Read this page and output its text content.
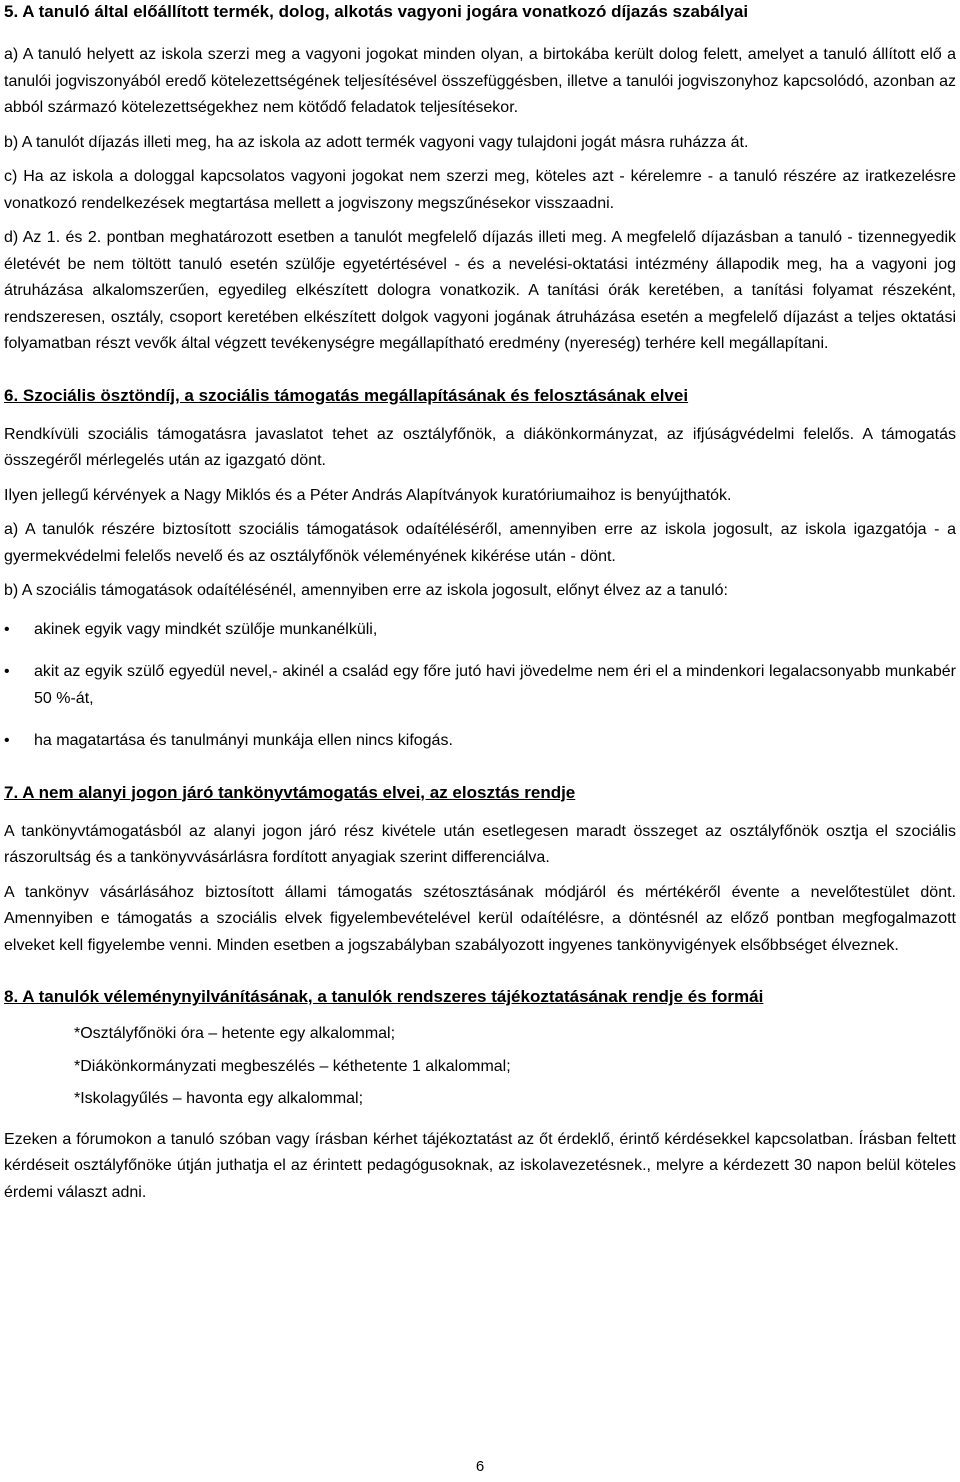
5. A tanuló által előállított termék, dolog, alkotás vagyoni jogára vonatkozó díjazás szabályai

a) A tanuló helyett az iskola szerzi meg a vagyoni jogokat minden olyan, a birtokába került dolog felett, amelyet a tanuló állított elő a tanulói jogviszonyából eredő kötelezettségének teljesítésével összefüggésben, illetve a tanulói jogviszonyhoz kapcsolódó, azonban az abból származó kötelezettségekhez nem kötődő feladatok teljesítésekor.

b) A tanulót díjazás illeti meg, ha az iskola az adott termék vagyoni vagy tulajdoni jogát másra ruházza át.

c) Ha az iskola a dologgal kapcsolatos vagyoni jogokat nem szerzi meg, köteles azt - kérelemre - a tanuló részére az iratkezelésre vonatkozó rendelkezések megtartása mellett a jogviszony megszűnésekor visszaadni.

d) Az 1. és 2. pontban meghatározott esetben a tanulót megfelelő díjazás illeti meg. A megfelelő díjazásban a tanuló - tizennegyedik életévét be nem töltött tanuló esetén szülője egyetértésével - és a nevelési-oktatási intézmény állapodik meg, ha a vagyoni jog átruházása alkalomszerűen, egyedileg elkészített dologra vonatkozik. A tanítási órák keretében, a tanítási folyamat részeként, rendszeresen, osztály, csoport keretében elkészített dolgok vagyoni jogának átruházása esetén a megfelelő díjazást a teljes oktatási folyamatban részt vevők által végzett tevékenységre megállapítható eredmény (nyereség) terhére kell megállapítani.

6. Szociális ösztöndíj, a szociális támogatás megállapításának és felosztásának elvei

Rendkívüli szociális támogatásra javaslatot tehet az osztályfőnök, a diákönkormányzat, az ifjúságvédelmi felelős. A támogatás összegéről mérlegelés után az igazgató dönt.

Ilyen jellegű kérvények a Nagy Miklós és a Péter András Alapítványok kuratóriumaihoz is benyújthatók.

a) A tanulók részére biztosított szociális támogatások odaítéléséről, amennyiben erre az iskola jogosult, az iskola igazgatója - a gyermekvédelmi felelős nevelő és az osztályfőnök véleményének kikérése után - dönt.

b) A szociális támogatások odaítélésénél, amennyiben erre az iskola jogosult, előnyt élvez az a tanuló:

• akinek egyik vagy mindkét szülője munkanélküli,
• akit az egyik szülő egyedül nevel,- akinél a család egy főre jutó havi jövedelme nem éri el a mindenkori legalacsonyabb munkabér 50 %-át,
• ha magatartása és tanulmányi munkája ellen nincs kifogás.
7. A nem alanyi jogon járó tankönyvtámogatás elvei, az elosztás rendje

A tankönyvtámogatásból az alanyi jogon járó rész kivétele után esetlegesen maradt összeget az osztályfőnök osztja el szociális rászorultság és a tankönyvvásárlásra fordított anyagiak szerint differenciálva.

A tankönyv vásárlásához biztosított állami támogatás szétosztásának módjáról és mértékéről évente a nevelőtestület dönt. Amennyiben e támogatás a szociális elvek figyelembevételével kerül odaítélésre, a döntésnél az előző pontban megfogalmazott elveket kell figyelembe venni. Minden esetben a jogszabályban szabályozott ingyenes tankönyvigények elsőbbséget élveznek.

8. A tanulók véleménynyilvánításának, a tanulók rendszeres tájékoztatásának rendje és formái
*Osztályfőnöki óra – hetente egy alkalommal;
*Diákönkormányzati megbeszélés – kéthetente 1 alkalommal;
*Iskolagyűlés – havonta egy alkalommal;

Ezeken a fórumokon a tanuló szóban vagy írásban kérhet tájékoztatást az őt érdeklő, érintő kérdésekkel kapcsolatban. Írásban feltett kérdéseit osztályfőnöke útján juthatja el az érintett pedagógusoknak, az iskolavezetésnek., melyre a kérdezett 30 napon belül köteles érdemi választ adni.

6
